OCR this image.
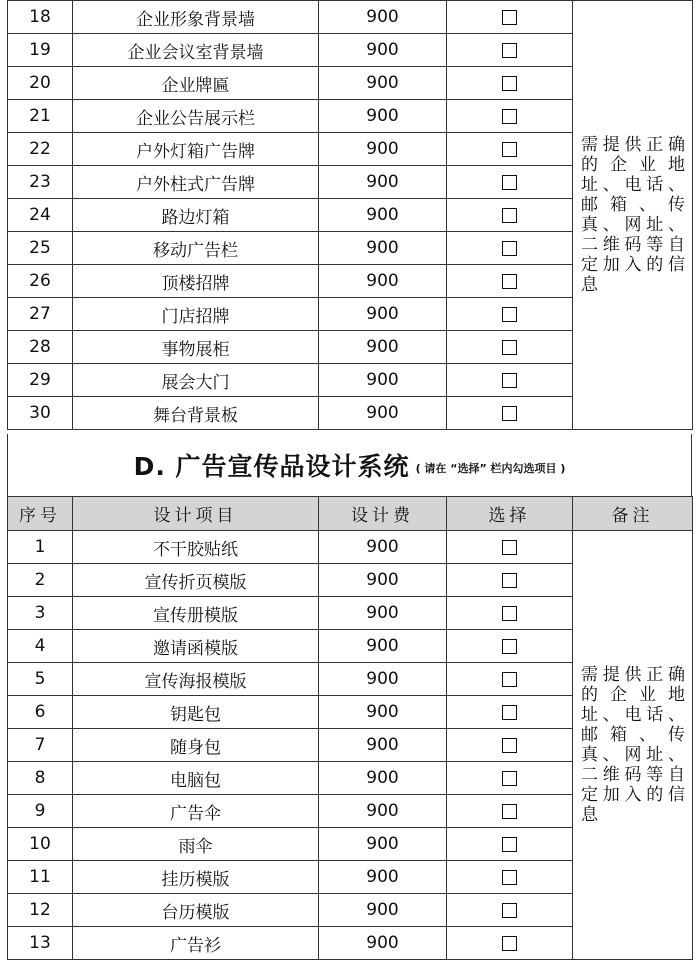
18	企业形象背景墙	900		需提供正确的企业地址、电话、邮箱、传真、网址、二维码等自定加入的信息
19	企业会议室背景墙	900		
20	企业牌匾	900		
21	企业公告展示栏	900		
22	户外灯箱广告牌	900		
23	户外柱式广告牌	900		
24	路边灯箱	900		
25	移动广告栏	900		
26	顶楼招牌	900		
27	门店招牌	900		
28	事物展柜	900		
29	展会大门	900		
30	舞台背景板	900		
D. 广告宣传品设计系统 ( 请在 “选择” 栏内勾选项目 )
序号	设计项目	设计费	选择	备注
1	不干胶贴纸	900		需提供正确的企业地址、电话、邮箱、传真、网址、二维码等自定加入的信息
2	宣传折页模版	900		
3	宣传册模版	900		
4	邀请函模版	900		
5	宣传海报模版	900		
6	钥匙包	900		
7	随身包	900		
8	电脑包	900		
9	广告伞	900		
10	雨伞	900		
11	挂历模版	900		
12	台历模版	900		
13	广告衫	900		
